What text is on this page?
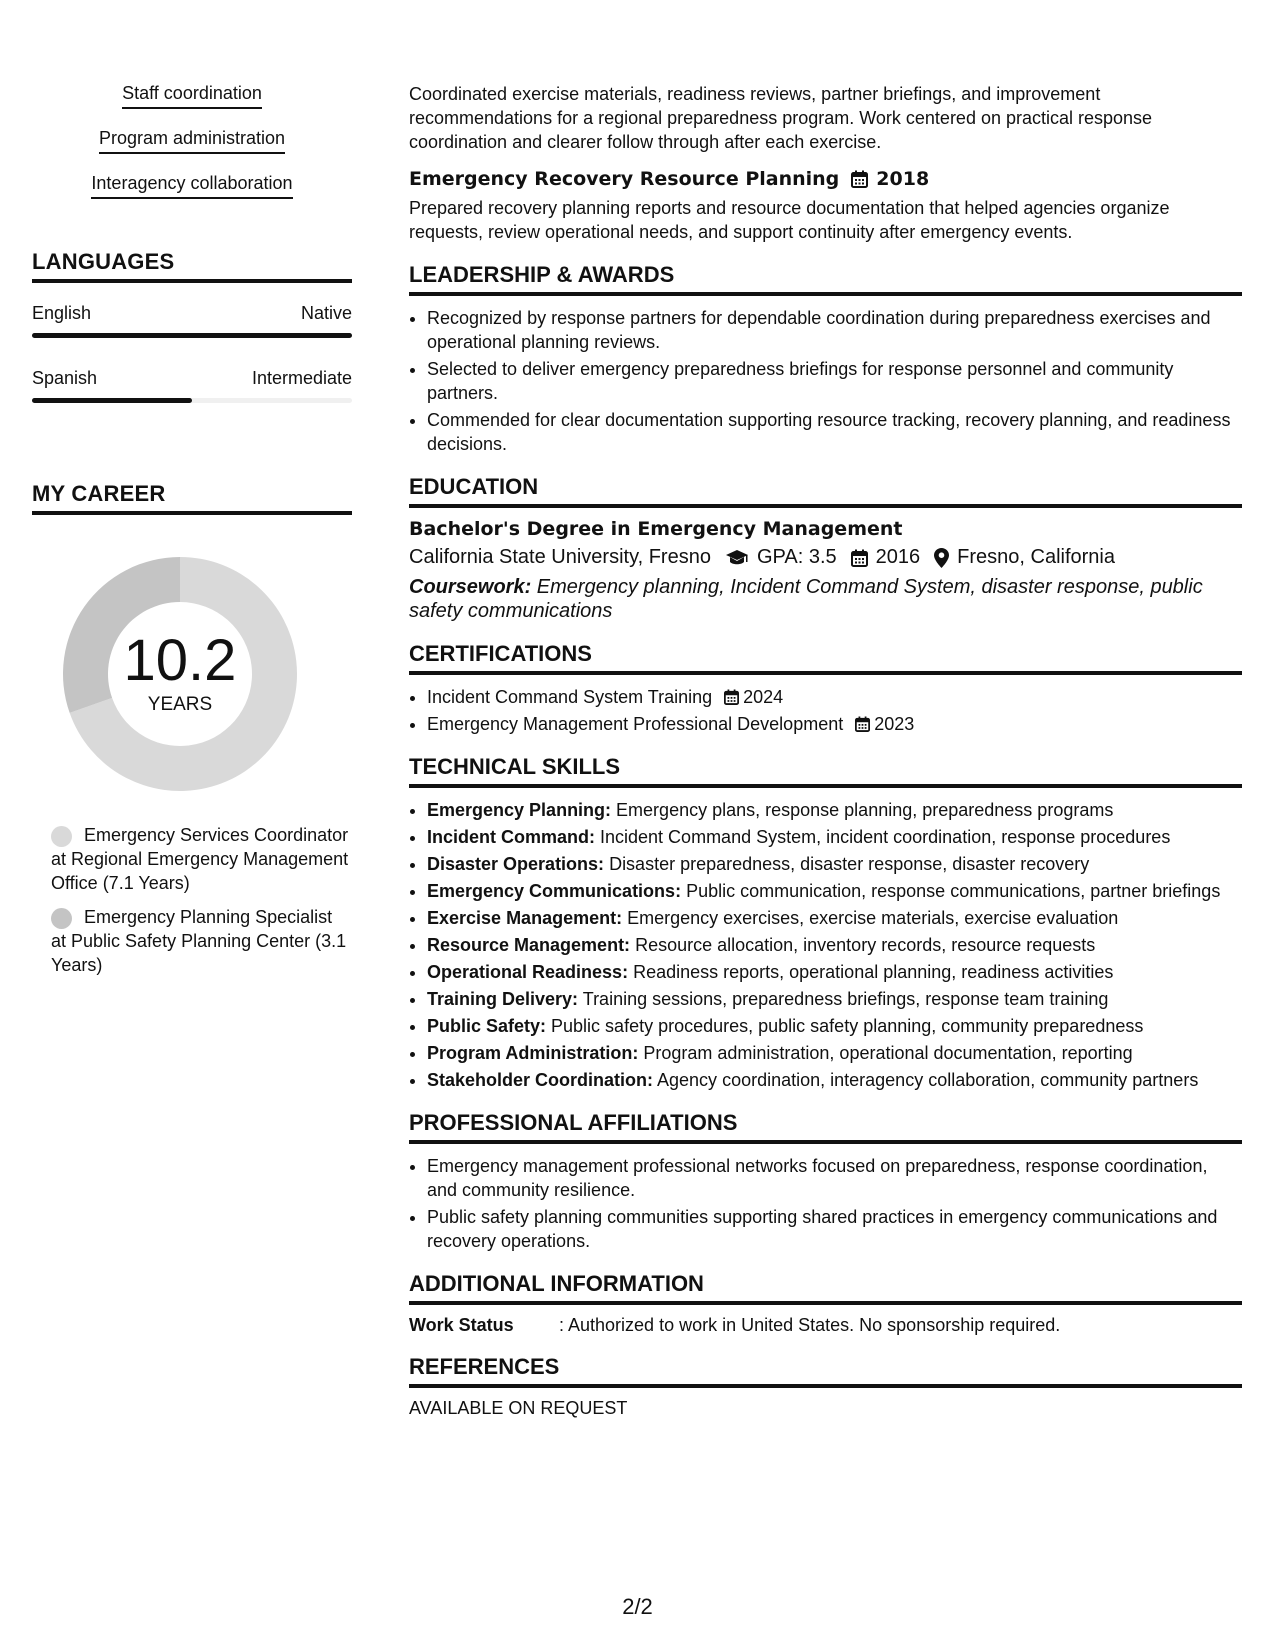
Staff coordination
Program administration
Interagency collaboration
LANGUAGES
English	Native
Spanish	Intermediate
MY CAREER
10.2
YEARS
Emergency Services Coordinator at Regional Emergency Management Office (7.1 Years)
Emergency Planning Specialist at Public Safety Planning Center (3.1 Years)

Coordinated exercise materials, readiness reviews, partner briefings, and improvement recommendations for a regional preparedness program. Work centered on practical response coordination and clearer follow through after each exercise.

Emergency Recovery Resource Planning 2018

Prepared recovery planning reports and resource documentation that helped agencies organize requests, review operational needs, and support continuity after emergency events.

LEADERSHIP & AWARDS
• Recognized by response partners for dependable coordination during preparedness exercises and operational planning reviews.
• Selected to deliver emergency preparedness briefings for response personnel and community partners.
• Commended for clear documentation supporting resource tracking, recovery planning, and readiness decisions.
EDUCATION
Bachelor's Degree in Emergency Management
California State University, Fresno GPA: 3.5 2016 Fresno, California
Coursework: Emergency planning, Incident Command System, disaster response, public safety communications
CERTIFICATIONS
• Incident Command System Training 2024
• Emergency Management Professional Development 2023
TECHNICAL SKILLS
• Emergency Planning: Emergency plans, response planning, preparedness programs
• Incident Command: Incident Command System, incident coordination, response procedures
• Disaster Operations: Disaster preparedness, disaster response, disaster recovery
• Emergency Communications: Public communication, response communications, partner briefings
• Exercise Management: Emergency exercises, exercise materials, exercise evaluation
• Resource Management: Resource allocation, inventory records, resource requests
• Operational Readiness: Readiness reports, operational planning, readiness activities
• Training Delivery: Training sessions, preparedness briefings, response team training
• Public Safety: Public safety procedures, public safety planning, community preparedness
• Program Administration: Program administration, operational documentation, reporting
• Stakeholder Coordination: Agency coordination, interagency collaboration, community partners
PROFESSIONAL AFFILIATIONS
• Emergency management professional networks focused on preparedness, response coordination, and community resilience.
• Public safety planning communities supporting shared practices in emergency communications and recovery operations.
ADDITIONAL INFORMATION
Work Status	: Authorized to work in United States. No sponsorship required.
REFERENCES
AVAILABLE ON REQUEST
2/2
